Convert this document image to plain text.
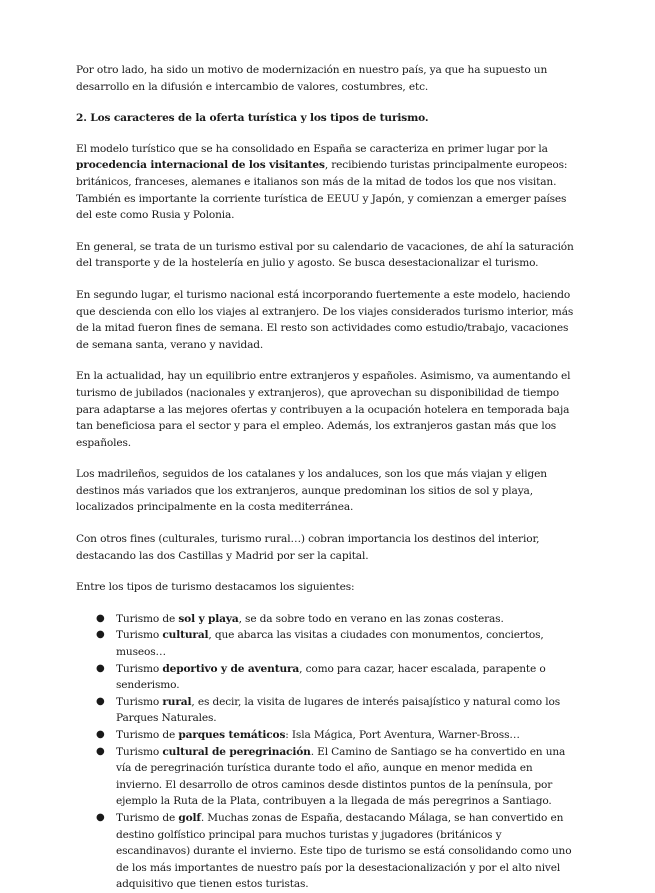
Por otro lado, ha sido un motivo de modernización en nuestro país, ya que ha supuesto un desarrollo en la difusión e intercambio de valores, costumbres, etc.

2. Los caracteres de la oferta turística y los tipos de turismo.

El modelo turístico que se ha consolidado en España se caracteriza en primer lugar por la procedencia internacional de los visitantes, recibiendo turistas principalmente europeos: británicos, franceses, alemanes e italianos son más de la mitad de todos los que nos visitan. También es importante la corriente turística de EEUU y Japón, y comienzan a emerger países del este como Rusia y Polonia.

En general, se trata de un turismo estival por su calendario de vacaciones, de ahí la saturación del transporte y de la hostelería en julio y agosto. Se busca desestacionalizar el turismo.

En segundo lugar, el turismo nacional está incorporando fuertemente a este modelo, haciendo que descienda con ello los viajes al extranjero. De los viajes considerados turismo interior, más de la mitad fueron fines de semana. El resto son actividades como estudio/trabajo, vacaciones de semana santa, verano y navidad.

En la actualidad, hay un equilibrio entre extranjeros y españoles. Asimismo, va aumentando el turismo de jubilados (nacionales y extranjeros), que aprovechan su disponibilidad de tiempo para adaptarse a las mejores ofertas y contribuyen a la ocupación hotelera en temporada baja tan beneficiosa para el sector y para el empleo. Además, los extranjeros gastan más que los españoles.

Los madrileños, seguidos de los catalanes y los andaluces, son los que más viajan y eligen destinos más variados que los extranjeros, aunque predominan los sitios de sol y playa, localizados principalmente en la costa mediterránea.

Con otros fines (culturales, turismo rural…) cobran importancia los destinos del interior, destacando las dos Castillas y Madrid por ser la capital.

Entre los tipos de turismo destacamos los siguientes:

● Turismo de sol y playa, se da sobre todo en verano en las zonas costeras.
● Turismo cultural, que abarca las visitas a ciudades con monumentos, conciertos, museos…
● Turismo deportivo y de aventura, como para cazar, hacer escalada, parapente o senderismo.
● Turismo rural, es decir, la visita de lugares de interés paisajístico y natural como los Parques Naturales.
● Turismo de parques temáticos: Isla Mágica, Port Aventura, Warner-Bross…
● Turismo cultural de peregrinación. El Camino de Santiago se ha convertido en una vía de peregrinación turística durante todo el año, aunque en menor medida en invierno. El desarrollo de otros caminos desde distintos puntos de la península, por ejemplo la Ruta de la Plata, contribuyen a la llegada de más peregrinos a Santiago.
● Turismo de golf. Muchas zonas de España, destacando Málaga, se han convertido en destino golfístico principal para muchos turistas y jugadores (británicos y escandinavos) durante el invierno. Este tipo de turismo se está consolidando como uno de los más importantes de nuestro país por la desestacionalización y por el alto nivel adquisitivo que tienen estos turistas.
